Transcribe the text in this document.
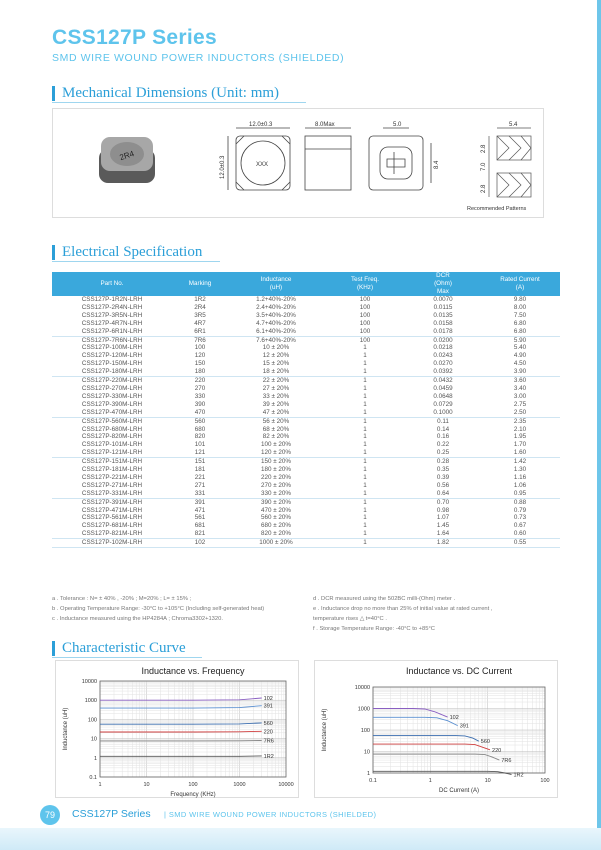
CSS127P Series
SMD WIRE WOUND POWER INDUCTORS (SHIELDED)
Mechanical Dimensions (Unit: mm)
2R4
12.0±0.3
12.0±0.3	XXX
8.0Max	5.0
8.4
5.4
2.8
7.0
2.8
Recommended Patterns
Electrical Specification
Part No.	Marking	Inductance
(uH)	Test Freq.
(KHz)	DCR
(Ohm)
Max	Rated Current
(A)
CSS127P-1R2N-LRH	1R2	1.2+40%-20%	100	0.0070	9.80
CSS127P-2R4N-LRH	2R4	2.4+40%-20%	100	0.0115	8.00
CSS127P-3R5N-LRH	3R5	3.5+40%-20%	100	0.0135	7.50
CSS127P-4R7N-LRH	4R7	4.7+40%-20%	100	0.0158	6.80
CSS127P-6R1N-LRH	6R1	6.1+40%-20%	100	0.0178	6.80
CSS127P-7R6N-LRH	7R6	7.6+40%-20%	100	0.0200	5.90
CSS127P-100M-LRH	100	10 ± 20%	1	0.0218	5.40
CSS127P-120M-LRH	120	12 ± 20%	1	0.0243	4.90
CSS127P-150M-LRH	150	15 ± 20%	1	0.0270	4.50
CSS127P-180M-LRH	180	18 ± 20%	1	0.0392	3.90
CSS127P-220M-LRH	220	22 ± 20%	1	0.0432	3.60
CSS127P-270M-LRH	270	27 ± 20%	1	0.0459	3.40
CSS127P-330M-LRH	330	33 ± 20%	1	0.0648	3.00
CSS127P-390M-LRH	390	39 ± 20%	1	0.0729	2.75
CSS127P-470M-LRH	470	47 ± 20%	1	0.1000	2.50
CSS127P-560M-LRH	560	56 ± 20%	1	0.11	2.35
CSS127P-680M-LRH	680	68 ± 20%	1	0.14	2.10
CSS127P-820M-LRH	820	82 ± 20%	1	0.16	1.95
CSS127P-101M-LRH	101	100 ± 20%	1	0.22	1.70
CSS127P-121M-LRH	121	120 ± 20%	1	0.25	1.60
CSS127P-151M-LRH	151	150 ± 20%	1	0.28	1.42
CSS127P-181M-LRH	181	180 ± 20%	1	0.35	1.30
CSS127P-221M-LRH	221	220 ± 20%	1	0.39	1.16
CSS127P-271M-LRH	271	270 ± 20%	1	0.56	1.06
CSS127P-331M-LRH	331	330 ± 20%	1	0.64	0.95
CSS127P-391M-LRH	391	390 ± 20%	1	0.70	0.88
CSS127P-471M-LRH	471	470 ± 20%	1	0.98	0.79
CSS127P-561M-LRH	561	560 ± 20%	1	1.07	0.73
CSS127P-681M-LRH	681	680 ± 20%	1	1.45	0.67
CSS127P-821M-LRH	821	820 ± 20%	1	1.64	0.60
CSS127P-102M-LRH	102	1000 ± 20%	1	1.82	0.55
a . Tolerance : N= ± 40% , -20% ; M=20% ; L= ± 15% ;
b . Operating Temperature Range: -30°C to +105°C (Including self-generated heat)
c . Inductance measured using the HP4284A ; Chroma3302+1320.
d . DCR measured using the 502BC milli-(Ohm) meter .
e . Inductance drop no more than 25% of initial value at rated current ,
temperature rises △ t=40°C .
f . Storage Temperature Range: -40°C to +85°C
Characteristic Curve
Inductance vs. Frequency
1	10	100	1000	10000
10000
1000
100
10
1
0.1
Frequency (KHz)
Inductance (uH)
102
391
560
220
7R6
1R2
Inductance vs. DC Current
0.1	1	10	100
10000
1000
100
10
1
DC Current (A)
Inductance (uH)	102
391
560
220
7R6
1R2
79	CSS127P Series | SMD WIRE WOUND POWER INDUCTORS (SHIELDED)
